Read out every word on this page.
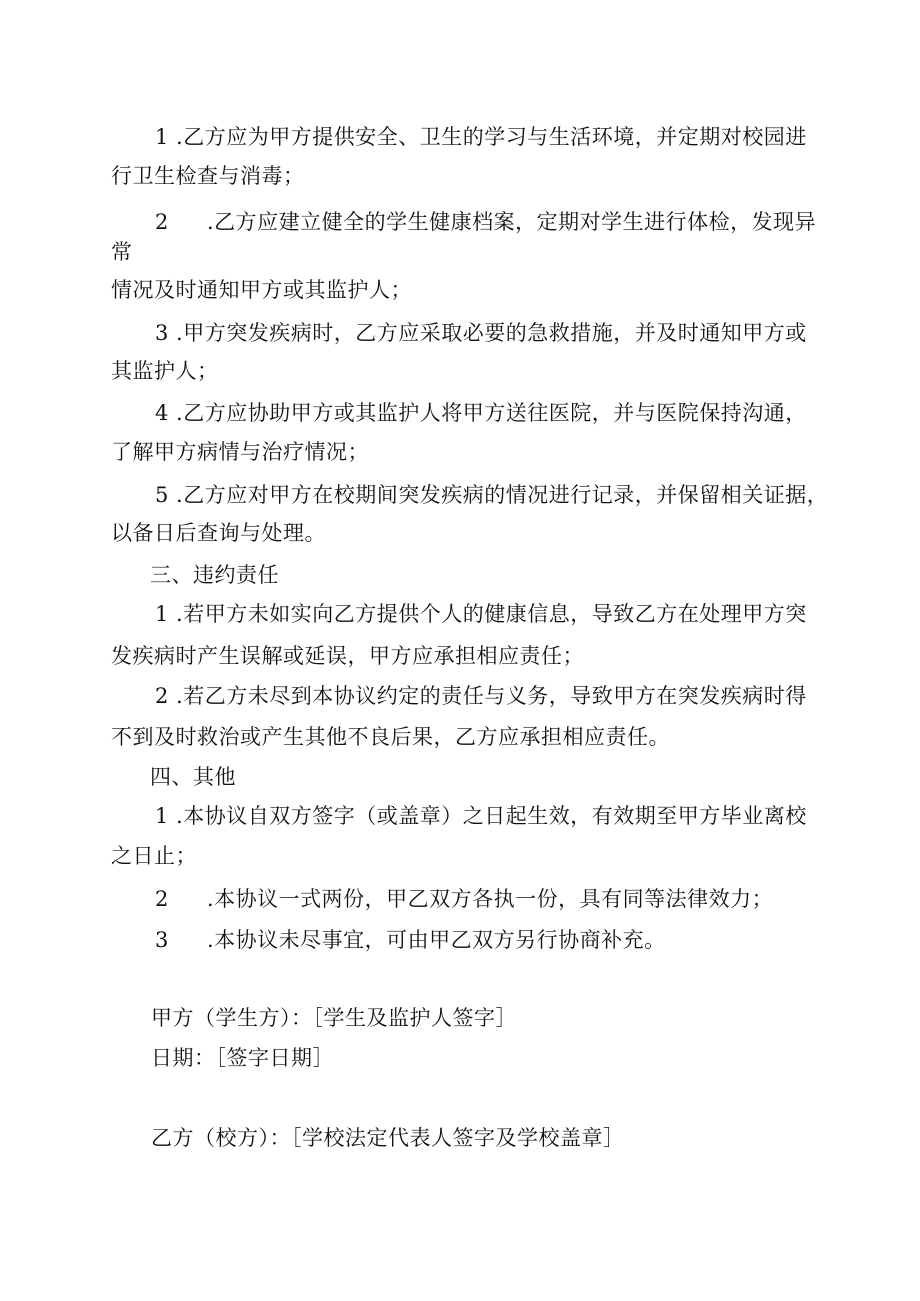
1 .乙方应为甲方提供安全、卫生的学习与生活环境，并定期对校园进
行卫生检查与消毒；
2 .乙方应建立健全的学生健康档案，定期对学生进行体检，发现异
常
情况及时通知甲方或其监护人；
3 .甲方突发疾病时，乙方应采取必要的急救措施，并及时通知甲方或
其监护人；
4 .乙方应协助甲方或其监护人将甲方送往医院，并与医院保持沟通，
了解甲方病情与治疗情况；
5 .乙方应对甲方在校期间突发疾病的情况进行记录，并保留相关证据，
以备日后查询与处理。
三、违约责任
1 .若甲方未如实向乙方提供个人的健康信息，导致乙方在处理甲方突
发疾病时产生误解或延误，甲方应承担相应责任；
2 .若乙方未尽到本协议约定的责任与义务，导致甲方在突发疾病时得
不到及时救治或产生其他不良后果，乙方应承担相应责任。
四、其他
1 .本协议自双方签字（或盖章）之日起生效，有效期至甲方毕业离校
之日止；
2 .本协议一式两份，甲乙双方各执一份，具有同等法律效力；
3 .本协议未尽事宜，可由甲乙双方另行协商补充。
甲方（学生方）：［学生及监护人签字］
日期：［签字日期］
乙方（校方）：［学校法定代表人签字及学校盖章］
